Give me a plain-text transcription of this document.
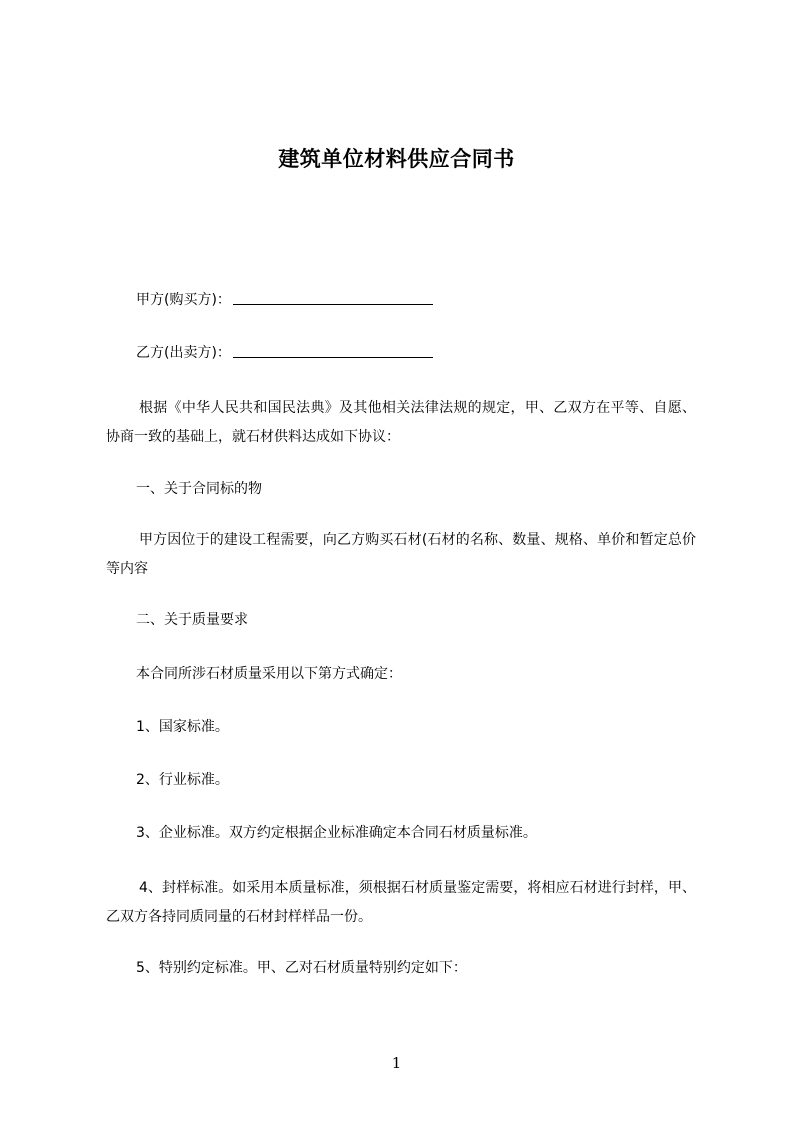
建筑单位材料供应合同书
甲方(购买方)：
乙方(出卖方)：

根据《中华人民共和国民法典》及其他相关法律法规的规定，甲、乙双方在平等、自愿、协商一致的基础上，就石材供料达成如下协议：

一、关于合同标的物

甲方因位于的建设工程需要，向乙方购买石材(石材的名称、数量、规格、单价和暂定总价等内容

二、关于质量要求
本合同所涉石材质量采用以下第方式确定：
1、国家标准。
2、行业标准。
3、企业标准。双方约定根据企业标准确定本合同石材质量标准。

4、封样标准。如采用本质量标准，须根据石材质量鉴定需要，将相应石材进行封样，甲、乙双方各持同质同量的石材封样样品一份。

5、特别约定标准。甲、乙对石材质量特别约定如下：
1
